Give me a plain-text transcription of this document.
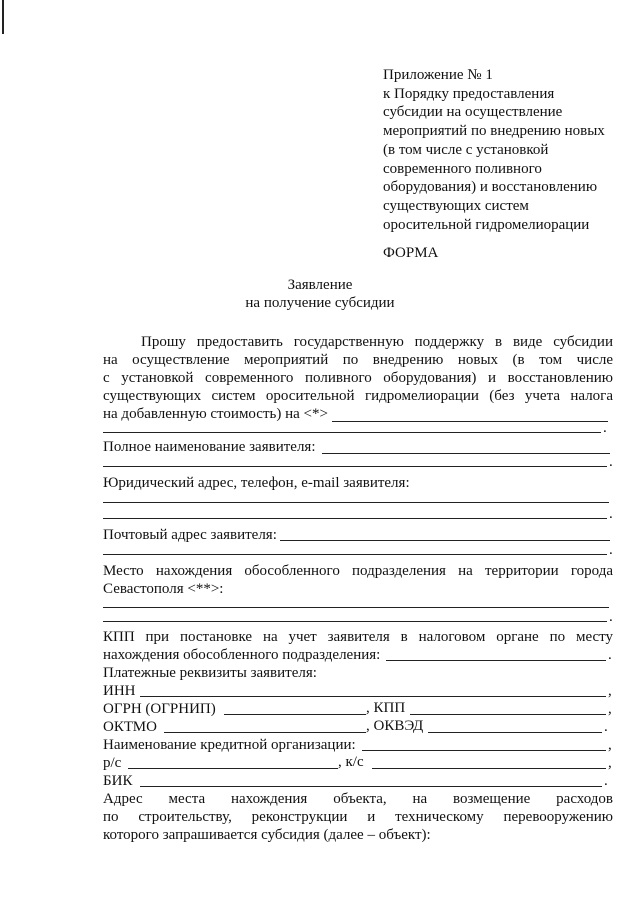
Приложение № 1
к Порядку предоставления
субсидии на осуществление
мероприятий по внедрению новых
(в том числе с установкой
современного поливного
оборудования) и восстановлению
существующих систем
оросительной гидромелиорации
ФОРМА
Заявление
на получение субсидии
Прошу предоставить государственную поддержку в виде субсидии
на осуществление мероприятий по внедрению новых (в том числе
с установкой современного поливного оборудования) и восстановлению
существующих систем оросительной гидромелиорации (без учета налога
на добавленную стоимость) на <*>
.
Полное наименование заявителя:
.
Юридический адрес, телефон, e-mail заявителя:
.
Почтовый адрес заявителя:
.
Место нахождения обособленного подразделения на территории города
Севастополя <**>:
.
КПП при постановке на учет заявителя в налоговом органе по месту
нахождения обособленного подразделения:	.
Платежные реквизиты заявителя:
ИНН	,
ОГРН (ОГРНИП)	, КПП	,
ОКТМО	, ОКВЭД	.
Наименование кредитной организации:	,
р/с	, к/с	,
БИК	.
Адрес места нахождения объекта, на возмещение расходов
по строительству, реконструкции и техническому перевооружению
которого запрашивается субсидия (далее – объект):
